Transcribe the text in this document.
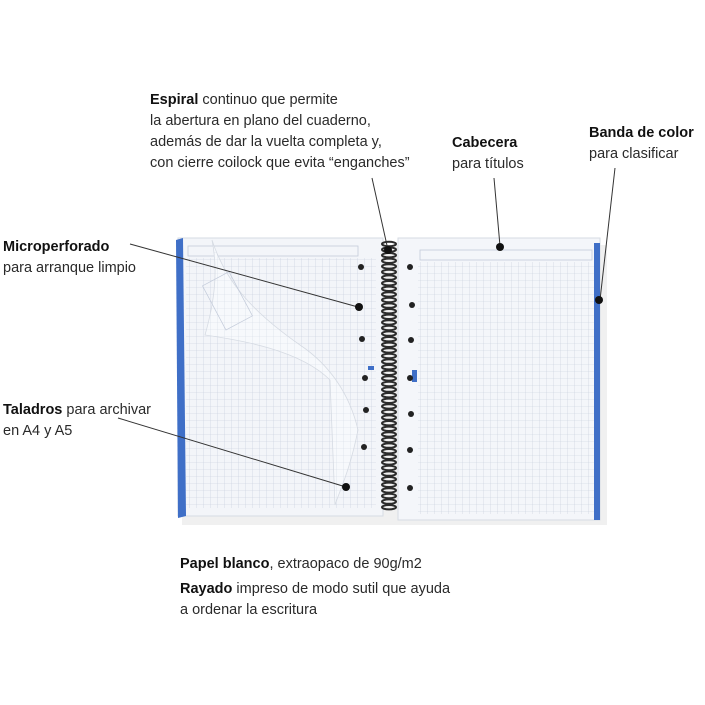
Espiral continuo que permite
la abertura en plano del cuaderno,
además de dar la vuelta completa y,
con cierre coilock que evita “enganches”
Cabecera
para títulos
Banda de color
para clasificar
Microperforado
para arranque limpio
Taladros para archivar
en A4 y A5
Papel blanco, extraopaco de 90g/m2
Rayado impreso de modo sutil que ayuda
a ordenar la escritura
